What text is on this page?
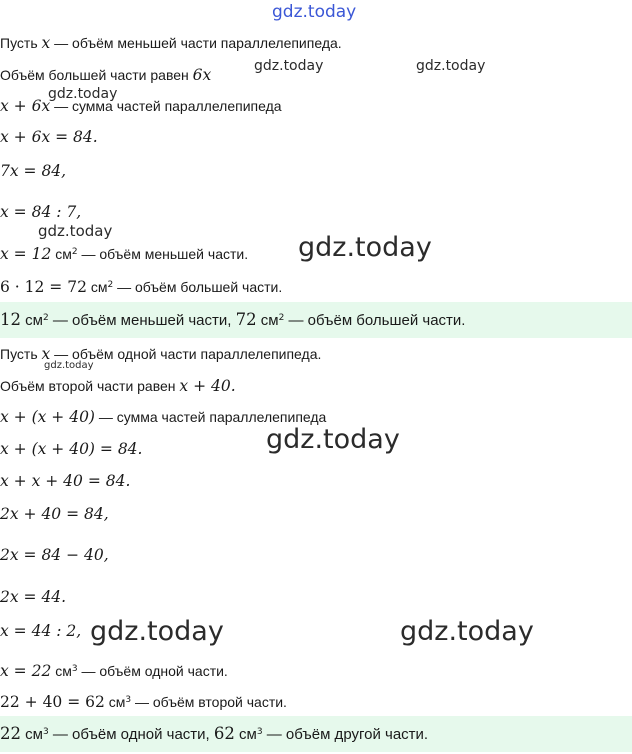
gdz.today
gdz.today	gdz.today
gdz.today
gdz.today
gdz.today
gdz.today
gdz.today
gdz.today	gdz.today
Пусть x — объём меньшей части параллелепипеда.
Объём большей части равен 6x
x + 6x — сумма частей параллелепипеда
x + 6x = 84.
7x = 84,
x = 84 : 7,
x = 12 $см^2$ — объём меньшей части.
6 · 12 = 72 $см^2$ — объём большей части.
12 $см^2$ — объём меньшей части, 72 $см^2$ — объём большей части.
Пусть x — объём одной части параллелепипеда.
Объём второй части равен x + 40.
x + (x + 40) — сумма частей параллелепипеда
x + (x + 40) = 84.
x + x + 40 = 84.
2x + 40 = 84,
2x = 84 − 40,
2x = 44.
x = 44 : 2,
x = 22 $см^3$ — объём одной части.
22 + 40 = 62 $см^3$ — объём второй части.
22 $см^3$ — объём одной части, 62 $см^3$ — объём другой части.
